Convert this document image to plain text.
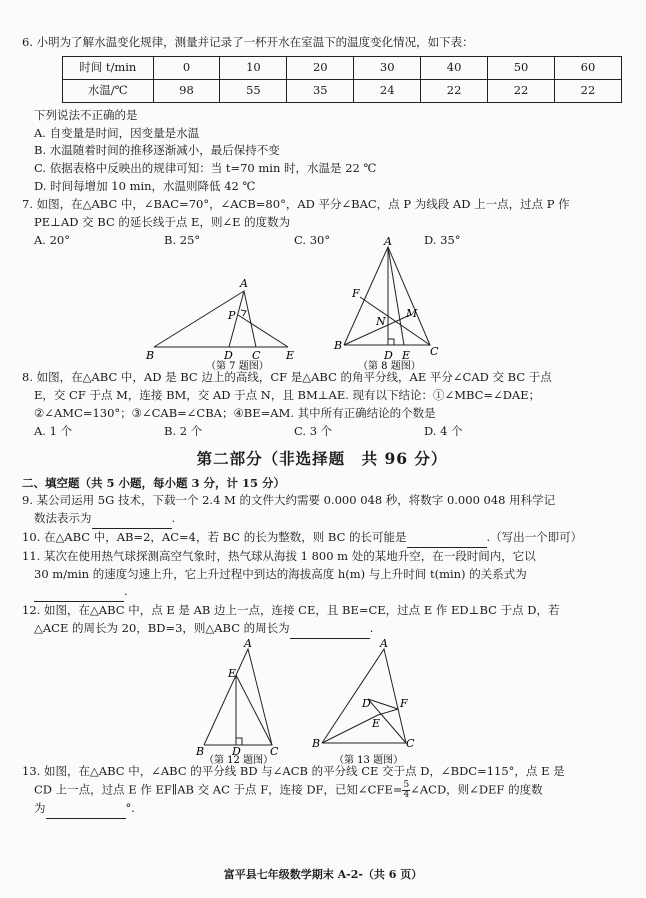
6. 小明为了解水温变化规律，测量并记录了一杯开水在室温下的温度变化情况，如下表：
时间 t/min	0	10	20	30	40	50	60
水温/℃	98	55	35	24	22	22	22
下列说法不正确的是
A. 自变量是时间，因变量是水温
B. 水温随着时间的推移逐渐减小，最后保持不变
C. 依据表格中反映出的规律可知：当 t=70 min 时，水温是 22 ℃
D. 时间每增加 10 min，水温则降低 42 ℃
7. 如图，在△ABC 中，∠BAC=70°，∠ACB=80°，AD 平分∠BAC，点 P 为线段 AD 上一点，过点 P 作
PE⊥AD 交 BC 的延长线于点 E，则∠E 的度数为
A. 20°	B. 25°	C. 30°	D. 35°
A
P
B	D C E
（第 7 题图）
A
F
N
M
B
D E C
（第 8 题图）
8. 如图，在△ABC 中，AD 是 BC 边上的高线，CF 是△ABC 的角平分线，AE 平分∠CAD 交 BC 于点
E，交 CF 于点 M，连接 BM，交 AD 于点 N，且 BM⊥AE. 现有以下结论：①∠MBC=∠DAE；
②∠AMC=130°；③∠CAB=∠CBA；④BE=AM. 其中所有正确结论的个数是
A. 1 个	B. 2 个	C. 3 个	D. 4 个
第二部分（非选择题　共 96 分）
二、填空题（共 5 小题，每小题 3 分，计 15 分）
9. 某公司运用 5G 技术，下载一个 2.4 M 的文件大约需要 0.000 048 秒，将数字 0.000 048 用科学记
数法表示为	.
10. 在△ABC 中，AB=2，AC=4，若 BC 的长为整数，则 BC 的长可能是	.（写出一个即可）
11. 某次在使用热气球探测高空气象时，热气球从海拔 1 800 m 处的某地升空，在一段时间内，它以
30 m/min 的速度匀速上升，它上升过程中到达的海拔高度 h(m) 与上升时间 t(min) 的关系式为
.
12. 如图，在△ABC 中，点 E 是 AB 边上一点，连接 CE，且 BE=CE，过点 E 作 ED⊥BC 于点 D，若
△ACE 的周长为 20，BD=3，则△ABC 的周长为	.
A
E
B	D	C
（第 12 题图）
A
D	F
E
B	C
（第 13 题图）
13. 如图，在△ABC 中，∠ABC 的平分线 BD 与∠ACB 的平分线 CE 交于点 D，∠BDC=115°，点 E 是
CD 上一点，过点 E 作 EF∥AB 交 AC 于点 F，连接 DF，已知∠CFE= $\frac{5}{4}$ ∠ACD，则∠DEF 的度数
为	°.
富平县七年级数学期末 A-2-（共 6 页）
